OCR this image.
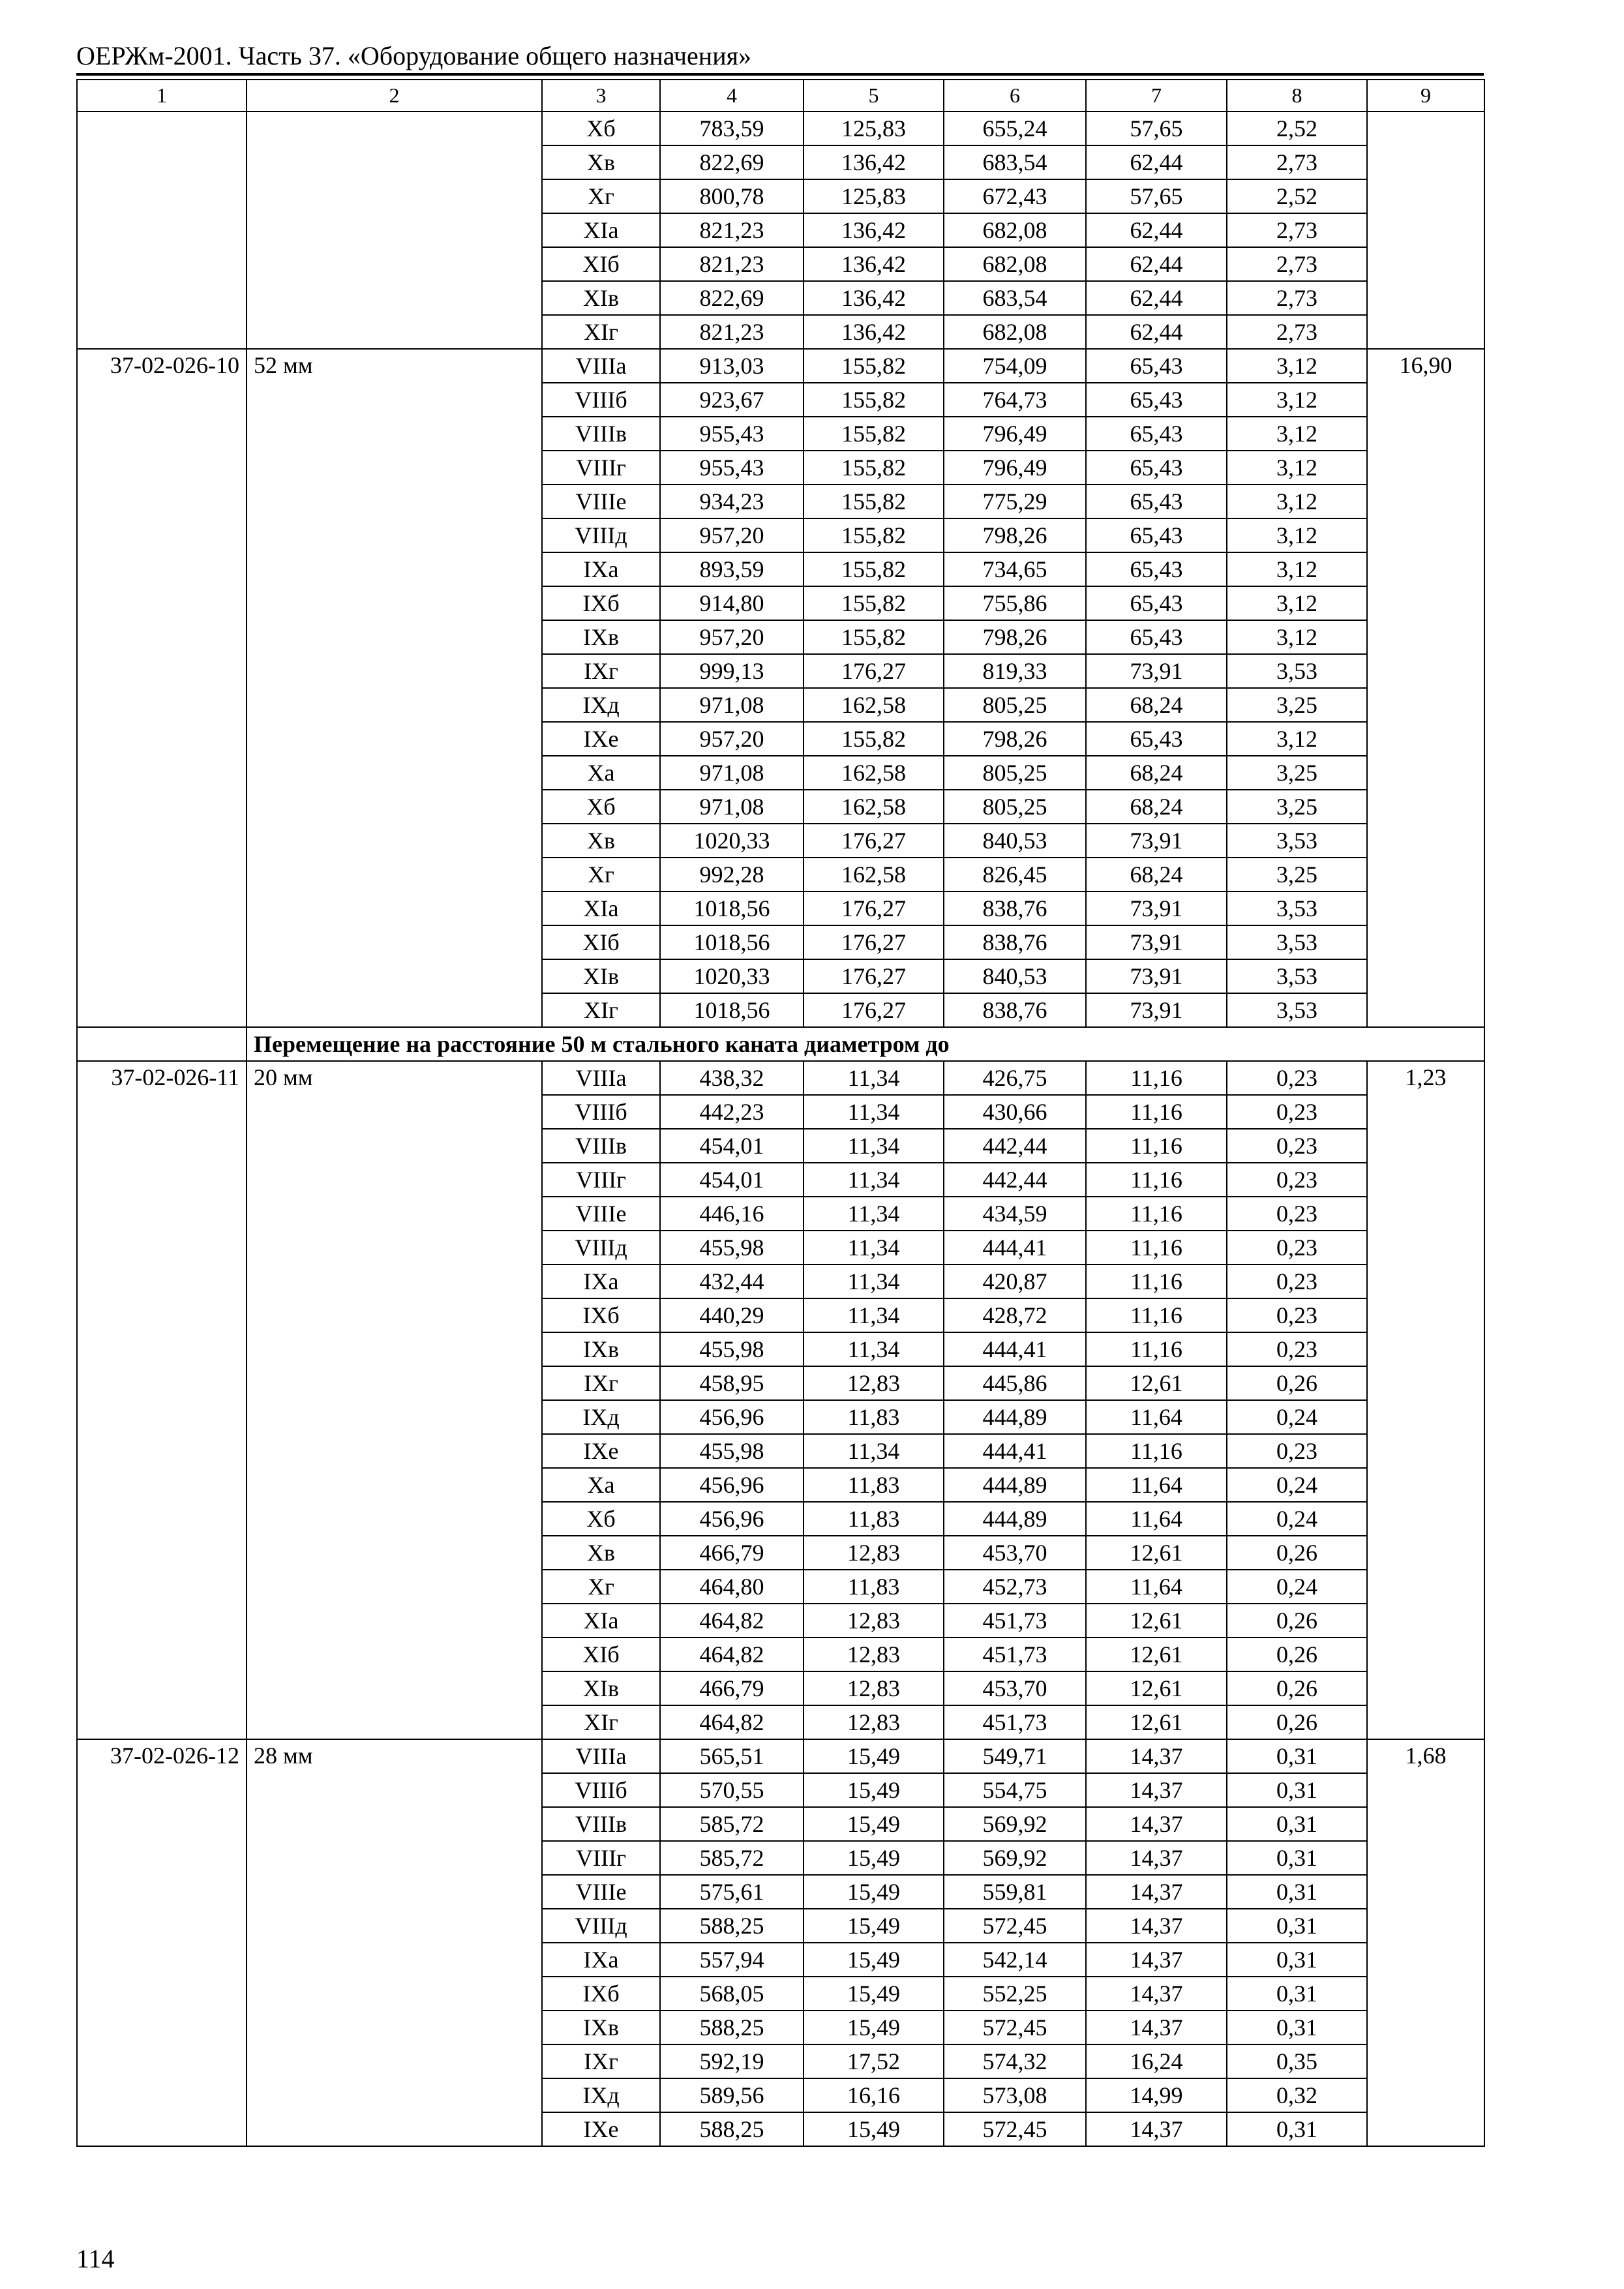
ОЕРЖм-2001. Часть 37. «Оборудование общего назначения»
1	2	3	4	5	6	7	8	9
		Хб	783,59	125,83	655,24	57,65	2,52	
		Хв	822,69	136,42	683,54	62,44	2,73	
		Хг	800,78	125,83	672,43	57,65	2,52	
		ХIа	821,23	136,42	682,08	62,44	2,73	
		ХIб	821,23	136,42	682,08	62,44	2,73	
		ХIв	822,69	136,42	683,54	62,44	2,73	
		ХIг	821,23	136,42	682,08	62,44	2,73	
37-02-026-10	52 мм	VIIIа	913,03	155,82	754,09	65,43	3,12	16,90
		VIIIб	923,67	155,82	764,73	65,43	3,12	
		VIIIв	955,43	155,82	796,49	65,43	3,12	
		VIIIг	955,43	155,82	796,49	65,43	3,12	
		VIIIе	934,23	155,82	775,29	65,43	3,12	
		VIIIд	957,20	155,82	798,26	65,43	3,12	
		IХа	893,59	155,82	734,65	65,43	3,12	
		IХб	914,80	155,82	755,86	65,43	3,12	
		IХв	957,20	155,82	798,26	65,43	3,12	
		IХг	999,13	176,27	819,33	73,91	3,53	
		IХд	971,08	162,58	805,25	68,24	3,25	
		IХе	957,20	155,82	798,26	65,43	3,12	
		Ха	971,08	162,58	805,25	68,24	3,25	
		Хб	971,08	162,58	805,25	68,24	3,25	
		Хв	1020,33	176,27	840,53	73,91	3,53	
		Хг	992,28	162,58	826,45	68,24	3,25	
		ХIа	1018,56	176,27	838,76	73,91	3,53	
		ХIб	1018,56	176,27	838,76	73,91	3,53	
		ХIв	1020,33	176,27	840,53	73,91	3,53	
		ХIг	1018,56	176,27	838,76	73,91	3,53	
	Перемещение на расстояние 50 м стального каната диаметром до							
37-02-026-11	20 мм	VIIIа	438,32	11,34	426,75	11,16	0,23	1,23
		VIIIб	442,23	11,34	430,66	11,16	0,23	
		VIIIв	454,01	11,34	442,44	11,16	0,23	
		VIIIг	454,01	11,34	442,44	11,16	0,23	
		VIIIе	446,16	11,34	434,59	11,16	0,23	
		VIIIд	455,98	11,34	444,41	11,16	0,23	
		IХа	432,44	11,34	420,87	11,16	0,23	
		IХб	440,29	11,34	428,72	11,16	0,23	
		IХв	455,98	11,34	444,41	11,16	0,23	
		IХг	458,95	12,83	445,86	12,61	0,26	
		IХд	456,96	11,83	444,89	11,64	0,24	
		IХе	455,98	11,34	444,41	11,16	0,23	
		Ха	456,96	11,83	444,89	11,64	0,24	
		Хб	456,96	11,83	444,89	11,64	0,24	
		Хв	466,79	12,83	453,70	12,61	0,26	
		Хг	464,80	11,83	452,73	11,64	0,24	
		ХIа	464,82	12,83	451,73	12,61	0,26	
		ХIб	464,82	12,83	451,73	12,61	0,26	
		ХIв	466,79	12,83	453,70	12,61	0,26	
		ХIг	464,82	12,83	451,73	12,61	0,26	
37-02-026-12	28 мм	VIIIа	565,51	15,49	549,71	14,37	0,31	1,68
		VIIIб	570,55	15,49	554,75	14,37	0,31	
		VIIIв	585,72	15,49	569,92	14,37	0,31	
		VIIIг	585,72	15,49	569,92	14,37	0,31	
		VIIIе	575,61	15,49	559,81	14,37	0,31	
		VIIIд	588,25	15,49	572,45	14,37	0,31	
		IХа	557,94	15,49	542,14	14,37	0,31	
		IХб	568,05	15,49	552,25	14,37	0,31	
		IХв	588,25	15,49	572,45	14,37	0,31	
		IХг	592,19	17,52	574,32	16,24	0,35	
		IХд	589,56	16,16	573,08	14,99	0,32	
		IХе	588,25	15,49	572,45	14,37	0,31	
114
